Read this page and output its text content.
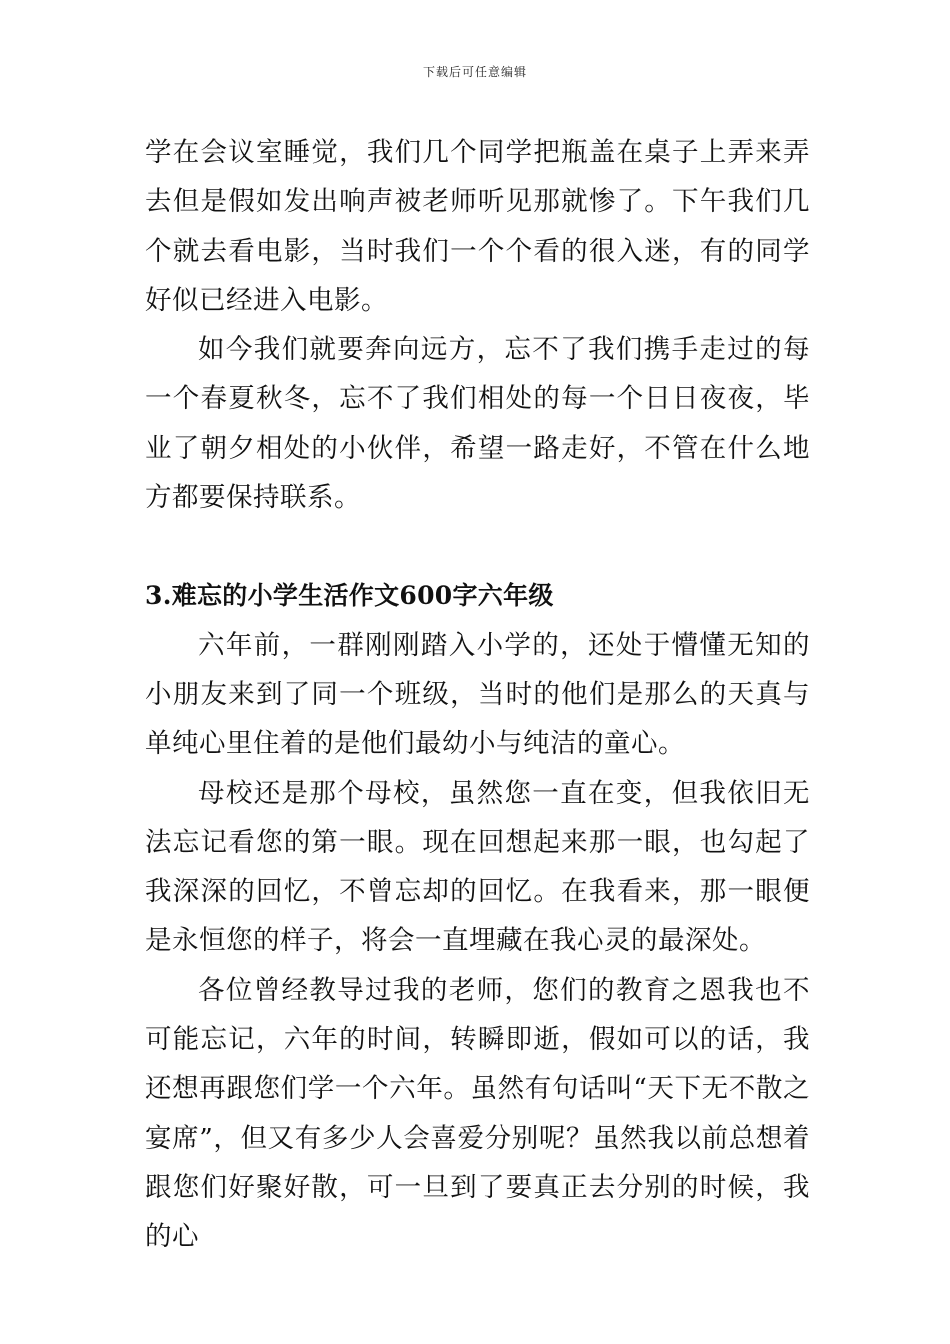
下载后可任意编辑

学在会议室睡觉，我们几个同学把瓶盖在桌子上弄来弄去但是假如发出响声被老师听见那就惨了。下午我们几个就去看电影，当时我们一个个看的很入迷，有的同学好似已经进入电影。

如今我们就要奔向远方，忘不了我们携手走过的每一个春夏秋冬，忘不了我们相处的每一个日日夜夜，毕业了朝夕相处的小伙伴，希望一路走好，不管在什么地方都要保持联系。

3.难忘的小学生活作文600字六年级

六年前，一群刚刚踏入小学的，还处于懵懂无知的小朋友来到了同一个班级，当时的他们是那么的天真与单纯心里住着的是他们最幼小与纯洁的童心。

母校还是那个母校，虽然您一直在变，但我依旧无法忘记看您的第一眼。现在回想起来那一眼，也勾起了我深深的回忆，不曾忘却的回忆。在我看来，那一眼便是永恒您的样子，将会一直埋藏在我心灵的最深处。

各位曾经教导过我的老师，您们的教育之恩我也不可能忘记，六年的时间，转瞬即逝，假如可以的话，我还想再跟您们学一个六年。虽然有句话叫“天下无不散之宴席”，但又有多少人会喜爱分别呢？虽然我以前总想着跟您们好聚好散，可一旦到了要真正去分别的时候，我的心
